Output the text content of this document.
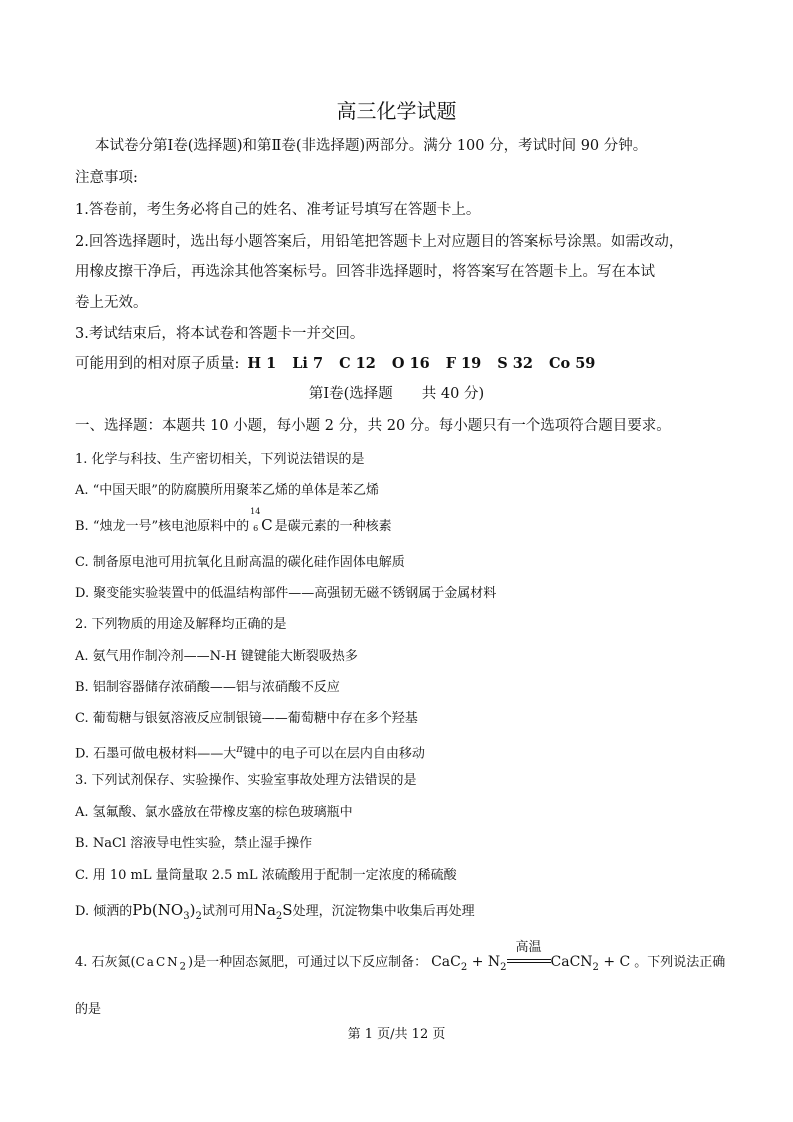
高三化学试题
本试卷分第Ⅰ卷(选择题)和第Ⅱ卷(非选择题)两部分。满分 100 分，考试时间 90 分钟。
注意事项:
1.答卷前，考生务必将自己的姓名、准考证号填写在答题卡上。
2.回答选择题时，选出每小题答案后，用铅笔把答题卡上对应题目的答案标号涂黑。如需改动，
用橡皮擦干净后，再选涂其他答案标号。回答非选择题时，将答案写在答题卡上。写在本试
卷上无效。
3.考试结束后，将本试卷和答题卡一并交回。
可能用到的相对原子质量: H 1 Li 7 C 12 O 16 F 19 S 32 Co 59
第Ⅰ卷(选择题　　共 40 分)
一、选择题：本题共 10 小题，每小题 2 分，共 20 分。每小题只有一个选项符合题目要求。
1. 化学与科技、生产密切相关，下列说法错误的是
A. “中国天眼”的防腐膜所用聚苯乙烯的单体是苯乙烯
B. “烛龙一号”核电池原料中的
14
6 C 是碳元素的一种核素
C. 制备原电池可用抗氧化且耐高温的碳化硅作固体电解质
D. 聚变能实验装置中的低温结构部件——高强韧无磁不锈钢属于金属材料
2. 下列物质的用途及解释均正确的是
A. 氨气用作制冷剂——N-H 键键能大断裂吸热多
B. 铝制容器储存浓硝酸——铝与浓硝酸不反应
C. 葡萄糖与银氨溶液反应制银镜——葡萄糖中存在多个羟基
D. 石墨可做电极材料——大$^\pi$键中的电子可以在层内自由移动
3. 下列试剂保存、实验操作、实验室事故处理方法错误的是
A. 氢氟酸、氯水盛放在带橡皮塞的棕色玻璃瓶中
B. NaCl 溶液导电性实验，禁止湿手操作
C. 用 10 mL 量筒量取 2.5 mL 浓硫酸用于配制一定浓度的稀硫酸
D. 倾洒的$Pb(NO_3)_2$试剂可用$Na_2S$处理，沉淀物集中收集后再处理
4. 石灰氮(CaCN$_2$)是一种固态氮肥，可通过以下反应制备： $CaC_2 + N_2$
高温
CaCN$_2$ + C 。下列说法正确
的是
第 1 页/共 12 页
